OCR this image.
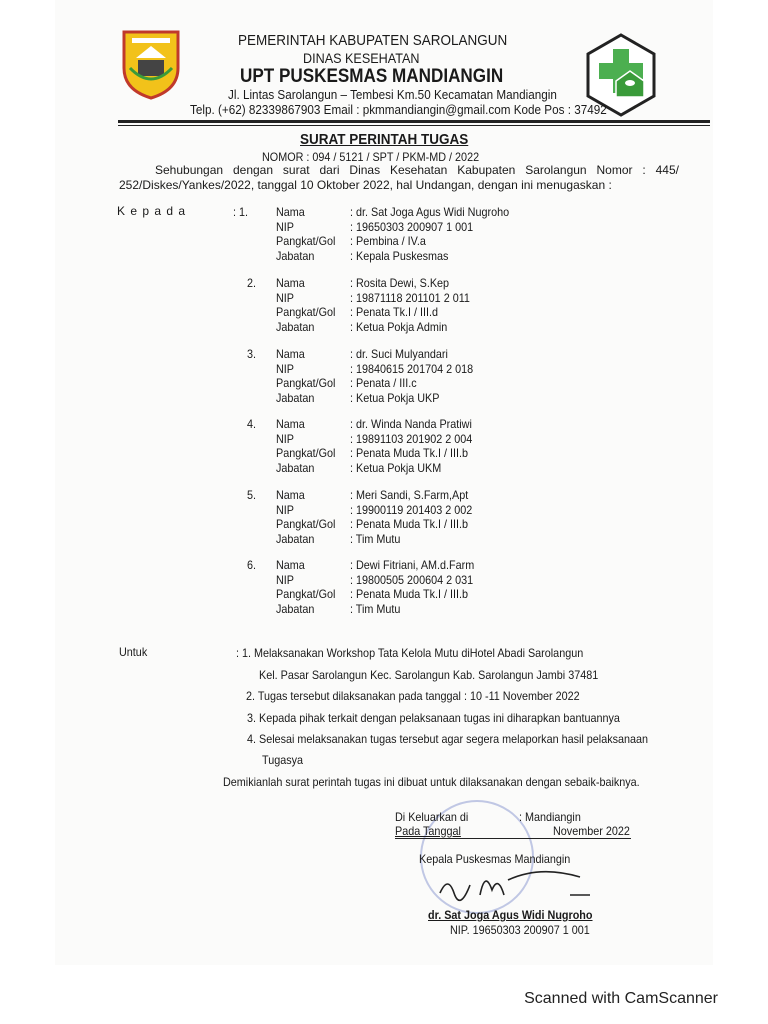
PEMERINTAH KABUPATEN SAROLANGUN
DINAS KESEHATAN
UPT PUSKESMAS MANDIANGIN
Jl. Lintas Sarolangun – Tembesi Km.50 Kecamatan Mandiangin
Telp. (+62) 82339867903 Email : pkmmandiangin@gmail.com Kode Pos : 37492
SURAT PERINTAH TUGAS
NOMOR : 094 / 5121 / SPT / PKM-MD / 2022

Sehubungan dengan surat dari Dinas Kesehatan Kabupaten Sarolangun Nomor : 445/ 252/Diskes/Yankes/2022, tanggal 10 Oktober 2022, hal Undangan, dengan ini menugaskan :

K e p a d a	: 1. Nama	: dr. Sat Joga Agus Widi Nugroho
NIP	: 19650303 200907 1 001
Pangkat/Gol : Pembina / IV.a
Jabatan	: Kepala Puskesmas
2. Nama	: Rosita Dewi, S.Kep
NIP	: 19871118 201101 2 011
Pangkat/Gol : Penata Tk.I / III.d
Jabatan	: Ketua Pokja Admin
3. Nama	: dr. Suci Mulyandari
NIP	: 19840615 201704 2 018
Pangkat/Gol : Penata / III.c
Jabatan	: Ketua Pokja UKP
4. Nama	: dr. Winda Nanda Pratiwi
NIP	: 19891103 201902 2 004
Pangkat/Gol : Penata Muda Tk.I / III.b
Jabatan	: Ketua Pokja UKM
5. Nama	: Meri Sandi, S.Farm,Apt
NIP	: 19900119 201403 2 002
Pangkat/Gol : Penata Muda Tk.I / III.b
Jabatan	: Tim Mutu
6. Nama	: Dewi Fitriani, AM.d.Farm
NIP	: 19800505 200604 2 031
Pangkat/Gol : Penata Muda Tk.I / III.b
Jabatan	: Tim Mutu
Untuk	: 1. Melaksanakan Workshop Tata Kelola Mutu diHotel Abadi Sarolangun
Kel. Pasar Sarolangun Kec. Sarolangun Kab. Sarolangun Jambi 37481
2. Tugas tersebut dilaksanakan pada tanggal : 10 -11 November 2022
3. Kepada pihak terkait dengan pelaksanaan tugas ini diharapkan bantuannya
4. Selesai melaksanakan tugas tersebut agar segera melaporkan hasil pelaksanaan
Tugasya
Demikianlah surat perintah tugas ini dibuat untuk dilaksanakan dengan sebaik-baiknya.
Di Keluarkan di	: Mandiangin
Pada Tanggal	November 2022
Kepala Puskesmas Mandiangin
dr. Sat Joga Agus Widi Nugroho
NIP. 19650303 200907 1 001
Scanned with CamScanner
